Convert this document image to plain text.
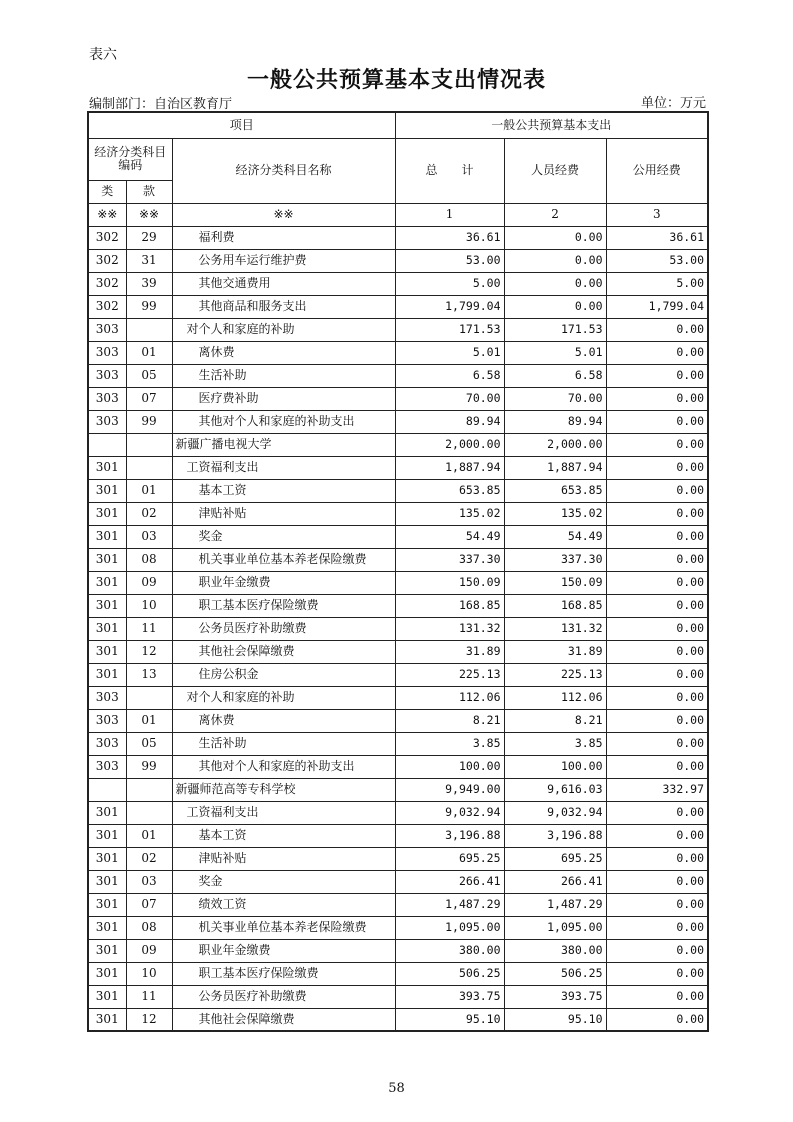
表六
一般公共预算基本支出情况表
编制部门：自治区教育厅	单位：万元
项目			一般公共预算基本支出		
经济分类科目编码		经济分类科目名称	总　　计	人员经费	公用经费
类	款				
※※	※※	※※	1	2	3
302	29	福利费	36.61	0.00	36.61
302	31	公务用车运行维护费	53.00	0.00	53.00
302	39	其他交通费用	5.00	0.00	5.00
302	99	其他商品和服务支出	1,799.04	0.00	1,799.04
303		对个人和家庭的补助	171.53	171.53	0.00
303	01	离休费	5.01	5.01	0.00
303	05	生活补助	6.58	6.58	0.00
303	07	医疗费补助	70.00	70.00	0.00
303	99	其他对个人和家庭的补助支出	89.94	89.94	0.00
		新疆广播电视大学	2,000.00	2,000.00	0.00
301		工资福利支出	1,887.94	1,887.94	0.00
301	01	基本工资	653.85	653.85	0.00
301	02	津贴补贴	135.02	135.02	0.00
301	03	奖金	54.49	54.49	0.00
301	08	机关事业单位基本养老保险缴费	337.30	337.30	0.00
301	09	职业年金缴费	150.09	150.09	0.00
301	10	职工基本医疗保险缴费	168.85	168.85	0.00
301	11	公务员医疗补助缴费	131.32	131.32	0.00
301	12	其他社会保障缴费	31.89	31.89	0.00
301	13	住房公积金	225.13	225.13	0.00
303		对个人和家庭的补助	112.06	112.06	0.00
303	01	离休费	8.21	8.21	0.00
303	05	生活补助	3.85	3.85	0.00
303	99	其他对个人和家庭的补助支出	100.00	100.00	0.00
		新疆师范高等专科学校	9,949.00	9,616.03	332.97
301		工资福利支出	9,032.94	9,032.94	0.00
301	01	基本工资	3,196.88	3,196.88	0.00
301	02	津贴补贴	695.25	695.25	0.00
301	03	奖金	266.41	266.41	0.00
301	07	绩效工资	1,487.29	1,487.29	0.00
301	08	机关事业单位基本养老保险缴费	1,095.00	1,095.00	0.00
301	09	职业年金缴费	380.00	380.00	0.00
301	10	职工基本医疗保险缴费	506.25	506.25	0.00
301	11	公务员医疗补助缴费	393.75	393.75	0.00
301	12	其他社会保障缴费	95.10	95.10	0.00
58
